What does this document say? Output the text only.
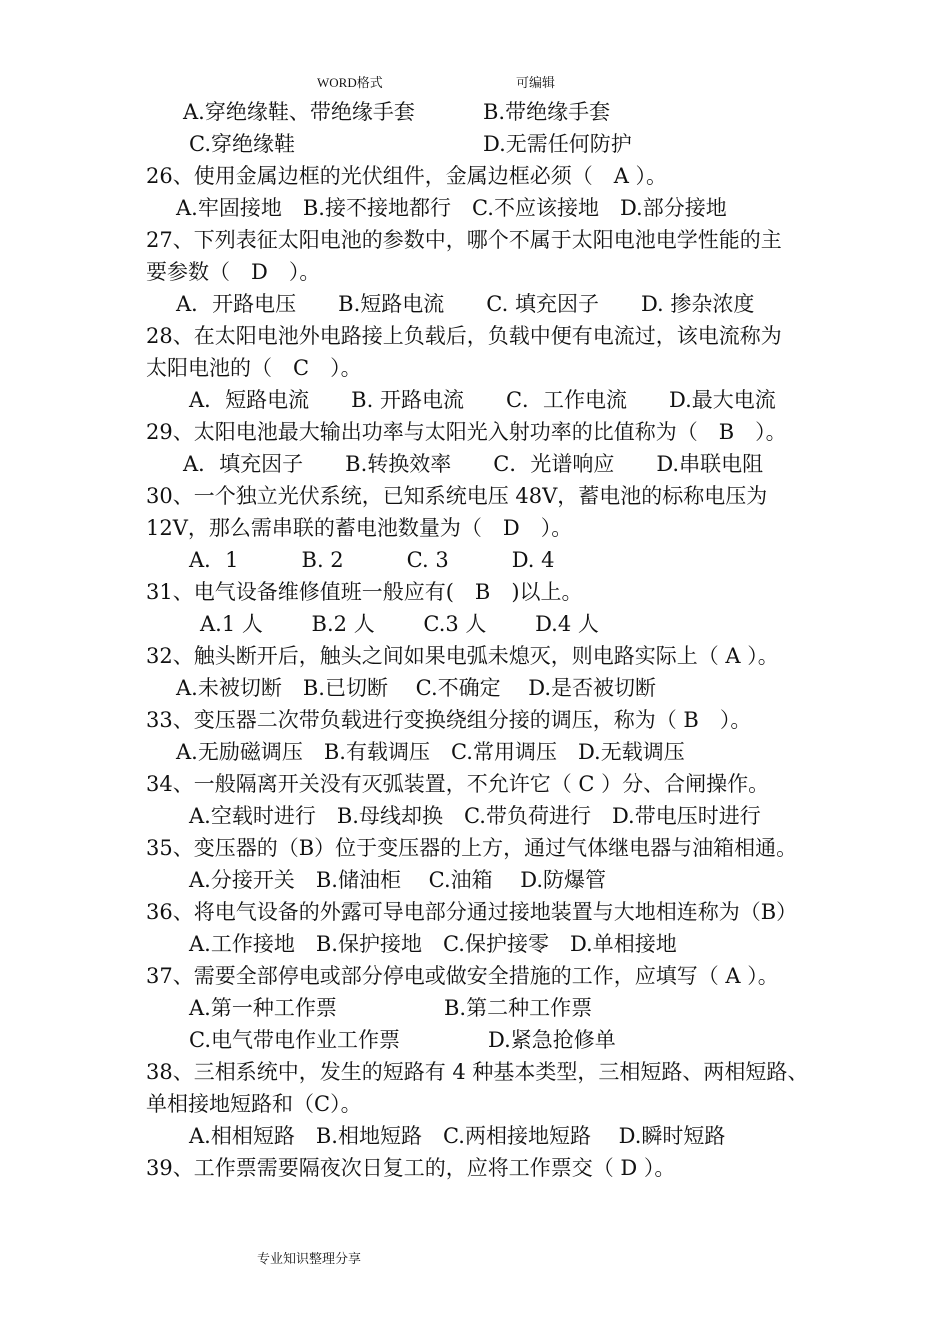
WORD格式	可编辑
A.穿绝缘鞋、带绝缘手套	B.带绝缘手套
C.穿绝缘鞋	D.无需任何防护
26、使用金属边框的光伏组件，金属边框必须（　A ）。
A.牢固接地　B.接不接地都行　C.不应该接地　D.部分接地
27、下列表征太阳电池的参数中，哪个不属于太阳电池电学性能的主
要参数（　D　）。
A．开路电压　　B.短路电流　　C. 填充因子　　D. 掺杂浓度
28、在太阳电池外电路接上负载后，负载中便有电流过，该电流称为
太阳电池的（　C　）。
A．短路电流　　B. 开路电流　　C．工作电流　　D.最大电流
29、太阳电池最大输出功率与太阳光入射功率的比值称为（　B　）。
A．填充因子　　B.转换效率　　C．光谱响应　　D.串联电阻
30、一个独立光伏系统，已知系统电压 48V，蓄电池的标称电压为
12V，那么需串联的蓄电池数量为（　D　）。
A．1　　　B. 2　　　C. 3　　　D. 4
31、电气设备维修值班一般应有(　B　)以上。
A.1 人　　 B.2 人　　 C.3 人　　 D.4 人
32、触头断开后，触头之间如果电弧未熄灭，则电路实际上（ A ）。
A.未被切断　B.已切断　 C.不确定　 D.是否被切断
33、变压器二次带负载进行变换绕组分接的调压，称为（ B　）。
A.无励磁调压　B.有载调压　C.常用调压　D.无载调压
34、一般隔离开关没有灭弧装置，不允许它（ C ）分、合闸操作。
A.空载时进行　B.母线却换　C.带负荷进行　D.带电压时进行
35、变压器的（B）位于变压器的上方，通过气体继电器与油箱相通。
A.分接开关　B.储油柜　 C.油箱　 D.防爆管
36、将电气设备的外露可导电部分通过接地装置与大地相连称为（B）
A.工作接地　B.保护接地　C.保护接零　D.单相接地
37、需要全部停电或部分停电或做安全措施的工作，应填写（ A ）。
A.第一种工作票	B.第二种工作票
C.电气带电作业工作票	D.紧急抢修单
38、三相系统中，发生的短路有 4 种基本类型，三相短路、两相短路、
单相接地短路和（C）。
A.相相短路　B.相地短路　C.两相接地短路　 D.瞬时短路
39、工作票需要隔夜次日复工的，应将工作票交（ D ）。
专业知识整理分享
